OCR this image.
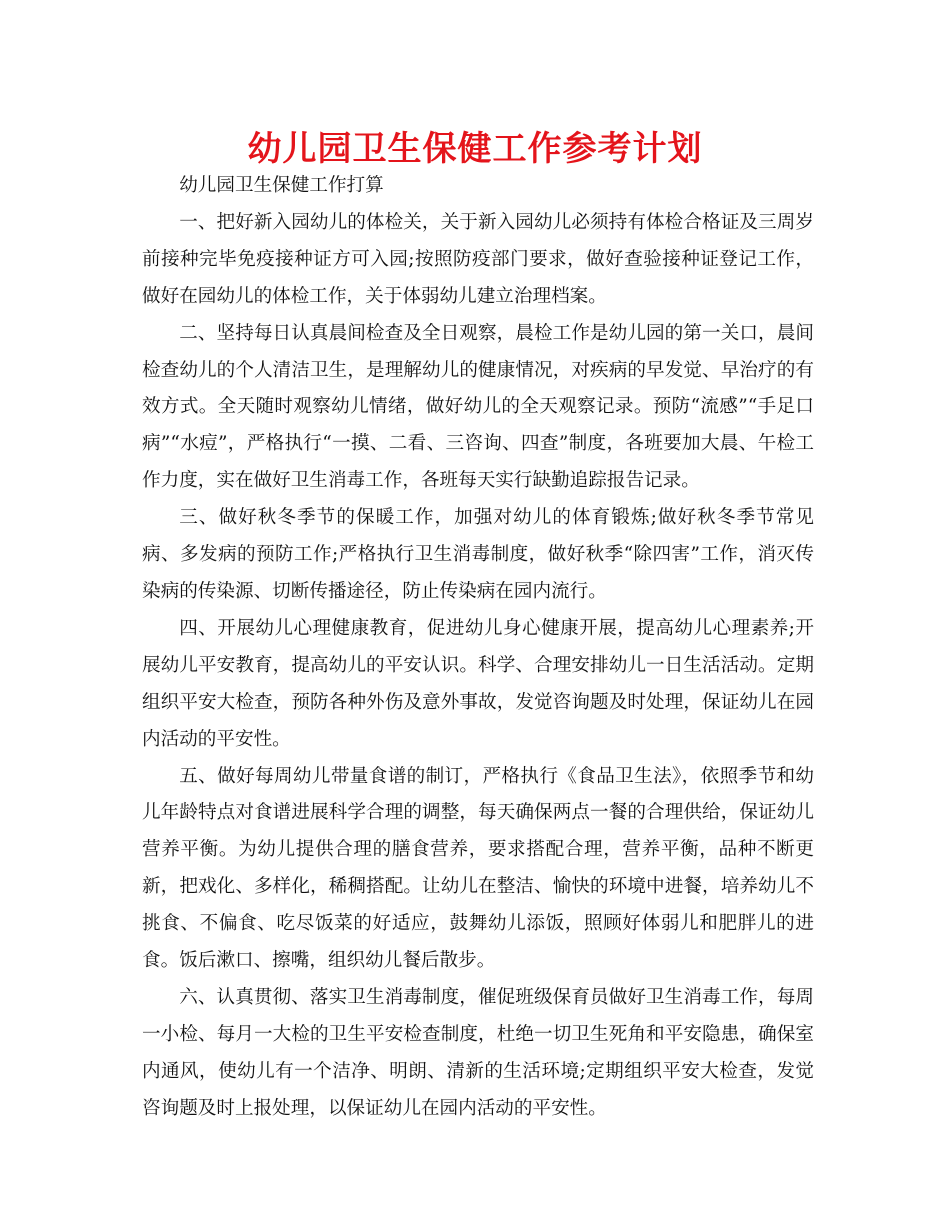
幼儿园卫生保健工作参考计划

幼儿园卫生保健工作打算

一、把好新入园幼儿的体检关，关于新入园幼儿必须持有体检合格证及三周岁前接种完毕免疫接种证方可入园;按照防疫部门要求，做好查验接种证登记工作，做好在园幼儿的体检工作，关于体弱幼儿建立治理档案。

二、坚持每日认真晨间检查及全日观察，晨检工作是幼儿园的第一关口，晨间检查幼儿的个人清洁卫生，是理解幼儿的健康情况，对疾病的早发觉、早治疗的有效方式。全天随时观察幼儿情绪，做好幼儿的全天观察记录。预防“流感”“手足口病”“水痘”，严格执行“一摸、二看、三咨询、四查”制度，各班要加大晨、午检工作力度，实在做好卫生消毒工作，各班每天实行缺勤追踪报告记录。

三、做好秋冬季节的保暖工作，加强对幼儿的体育锻炼;做好秋冬季节常见病、多发病的预防工作;严格执行卫生消毒制度，做好秋季“除四害”工作，消灭传染病的传染源、切断传播途径，防止传染病在园内流行。

四、开展幼儿心理健康教育，促进幼儿身心健康开展，提高幼儿心理素养;开展幼儿平安教育，提高幼儿的平安认识。科学、合理安排幼儿一日生活活动。定期组织平安大检查，预防各种外伤及意外事故，发觉咨询题及时处理，保证幼儿在园内活动的平安性。

五、做好每周幼儿带量食谱的制订，严格执行《食品卫生法》，依照季节和幼儿年龄特点对食谱进展科学合理的调整，每天确保两点一餐的合理供给，保证幼儿营养平衡。为幼儿提供合理的膳食营养，要求搭配合理，营养平衡，品种不断更新，把戏化、多样化，稀稠搭配。让幼儿在整洁、愉快的环境中进餐，培养幼儿不挑食、不偏食、吃尽饭菜的好适应，鼓舞幼儿添饭，照顾好体弱儿和肥胖儿的进食。饭后漱口、擦嘴，组织幼儿餐后散步。

六、认真贯彻、落实卫生消毒制度，催促班级保育员做好卫生消毒工作，每周一小检、每月一大检的卫生平安检查制度，杜绝一切卫生死角和平安隐患，确保室内通风，使幼儿有一个洁净、明朗、清新的生活环境;定期组织平安大检查，发觉咨询题及时上报处理，以保证幼儿在园内活动的平安性。
